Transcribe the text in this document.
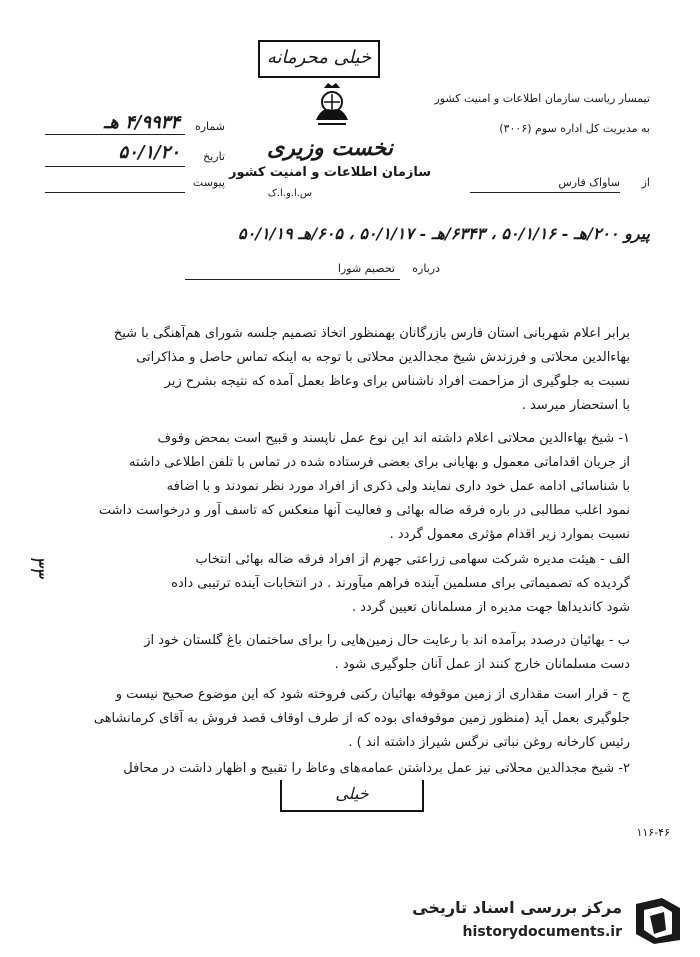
خیلی محرمانه
نخست وزیری
سازمان اطلاعات و امنیت کشور
س.ا.و.ا.ک
شماره
۴/۹۹۳۴ هـ
تاریخ
۵۰/۱/۲۰
پیوست
تیمسار ریاست سازمان اطلاعات و امنیت کشور
به مدیریت کل اداره سوم (۳۰۰۶)
از
ساواک فارس
پیرو ۲۰۰/هـ - ۵۰/۱/۱۶ ، ۶۳۴۳/هـ - ۵۰/۱/۱۷ ، ۶۰۵/هـ ۵۰/۱/۱۹
درباره
تحصیم شورا
برابر اعلام شهربانی استان فارس بازرگانان بهمنظور اتخاذ تصمیم جلسه شورای هم‌آهنگی با شیخ
بهاءالدین محلاتی و فرزندش شیخ مجدالدین محلاتی با توجه به اینکه تماس حاصل و مذاکراتی
نسبت به جلوگیری از مزاحمت افراد ناشناس برای وعاظ بعمل آمده که نتیجه بشرح زیر
با استحضار میرسد .
۱- شیخ بهاءالدین محلاتی اعلام داشته اند این نوع عمل ناپسند و قبیح است بمحض وقوف
از جریان اقداماتی معمول و بهایانی برای بعضی فرستاده شده در تماس با تلفن اطلاعی داشته
با شناسائی ادامه عمل خود داری نمایند ولی ذکری از افراد مورد نظر نمودند و با اضافه
نمود اغلب مطالبی در باره فرقه ضاله بهائی و فعالیت آنها منعکس که تاسف آور و درخواست داشت
نسبت بموارد زیر اقدام مؤثری معمول گردد .
الف - هیئت مدیره شرکت سهامی زراعتی جهرم از افراد فرقه ضاله بهائی انتخاب
گردیده که تصمیماتی برای مسلمین آینده فراهم میآورند . در انتخابات آینده ترتیبی داده
شود کاندیداها جهت مدیره از مسلمانان تعیین گردد .
ب - بهائیان درصدد برآمده اند با رعایت حال زمین‌هایی را برای ساختمان باغ گلستان خود از
دست مسلمانان خارج کنند از عمل آنان جلوگیری شود .
ج - قرار است مقداری از زمین موقوفه بهائیان رکنی فروخته شود که این موضوع صحیح نیست و
جلوگیری بعمل آید (منظور زمین موقوفه‌ای بوده که از طرف اوقاف قصد فروش به آقای کرمانشاهی
رئیس کارخانه روغن نباتی نرگس شیراز داشته اند ) .
۲- شیخ مجدالدین محلاتی نیز عمل برداشتن عمامه‌های وعاظ را تقبیح و اظهار داشت در محافل
۳۳
خیلی
۱۱۶-۴۶
مرکز بررسی اسناد تاریخی
historydocuments.ir
